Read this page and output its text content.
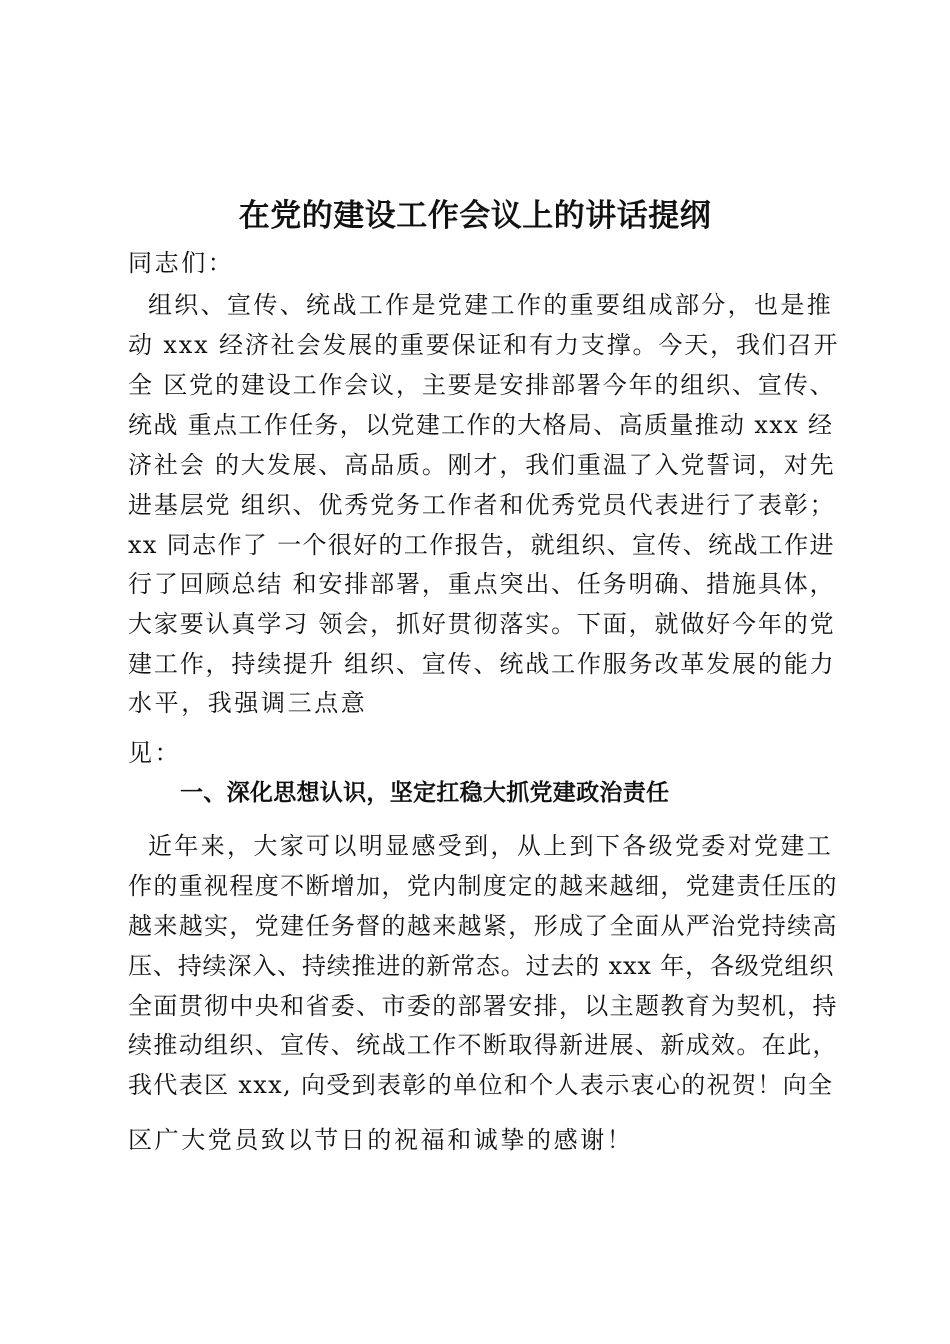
在党的建设工作会议上的讲话提纲

同志们：

组织、宣传、统战工作是党建工作的重要组成部分，也是推

动 xxx 经济社会发展的重要保证和有力支撑。今天，我们召开

全 区党的建设工作会议，主要是安排部署今年的组织、宣传、

统战 重点工作任务，以党建工作的大格局、高质量推动 xxx 经

济社会 的大发展、高品质。刚才，我们重温了入党誓词，对先

进基层党 组织、优秀党务工作者和优秀党员代表进行了表彰；

xx 同志作了 一个很好的工作报告，就组织、宣传、统战工作进

行了回顾总结 和安排部署，重点突出、任务明确、措施具体，

大家要认真学习 领会，抓好贯彻落实。下面，就做好今年的党

建工作，持续提升 组织、宣传、统战工作服务改革发展的能力

水平，我强调三点意

见：

一、深化思想认识，坚定扛稳大抓党建政治责任

近年来，大家可以明显感受到，从上到下各级党委对党建工

作的重视程度不断增加，党内制度定的越来越细，党建责任压的

越来越实，党建任务督的越来越紧，形成了全面从严治党持续高

压、持续深入、持续推进的新常态。过去的 xxx 年，各级党组织

全面贯彻中央和省委、市委的部署安排，以主题教育为契机，持

续推动组织、宣传、统战工作不断取得新进展、新成效。在此，

我代表区 xxx, 向受到表彰的单位和个人表示衷心的祝贺！向全

区广大党员致以节日的祝福和诚挚的感谢！
